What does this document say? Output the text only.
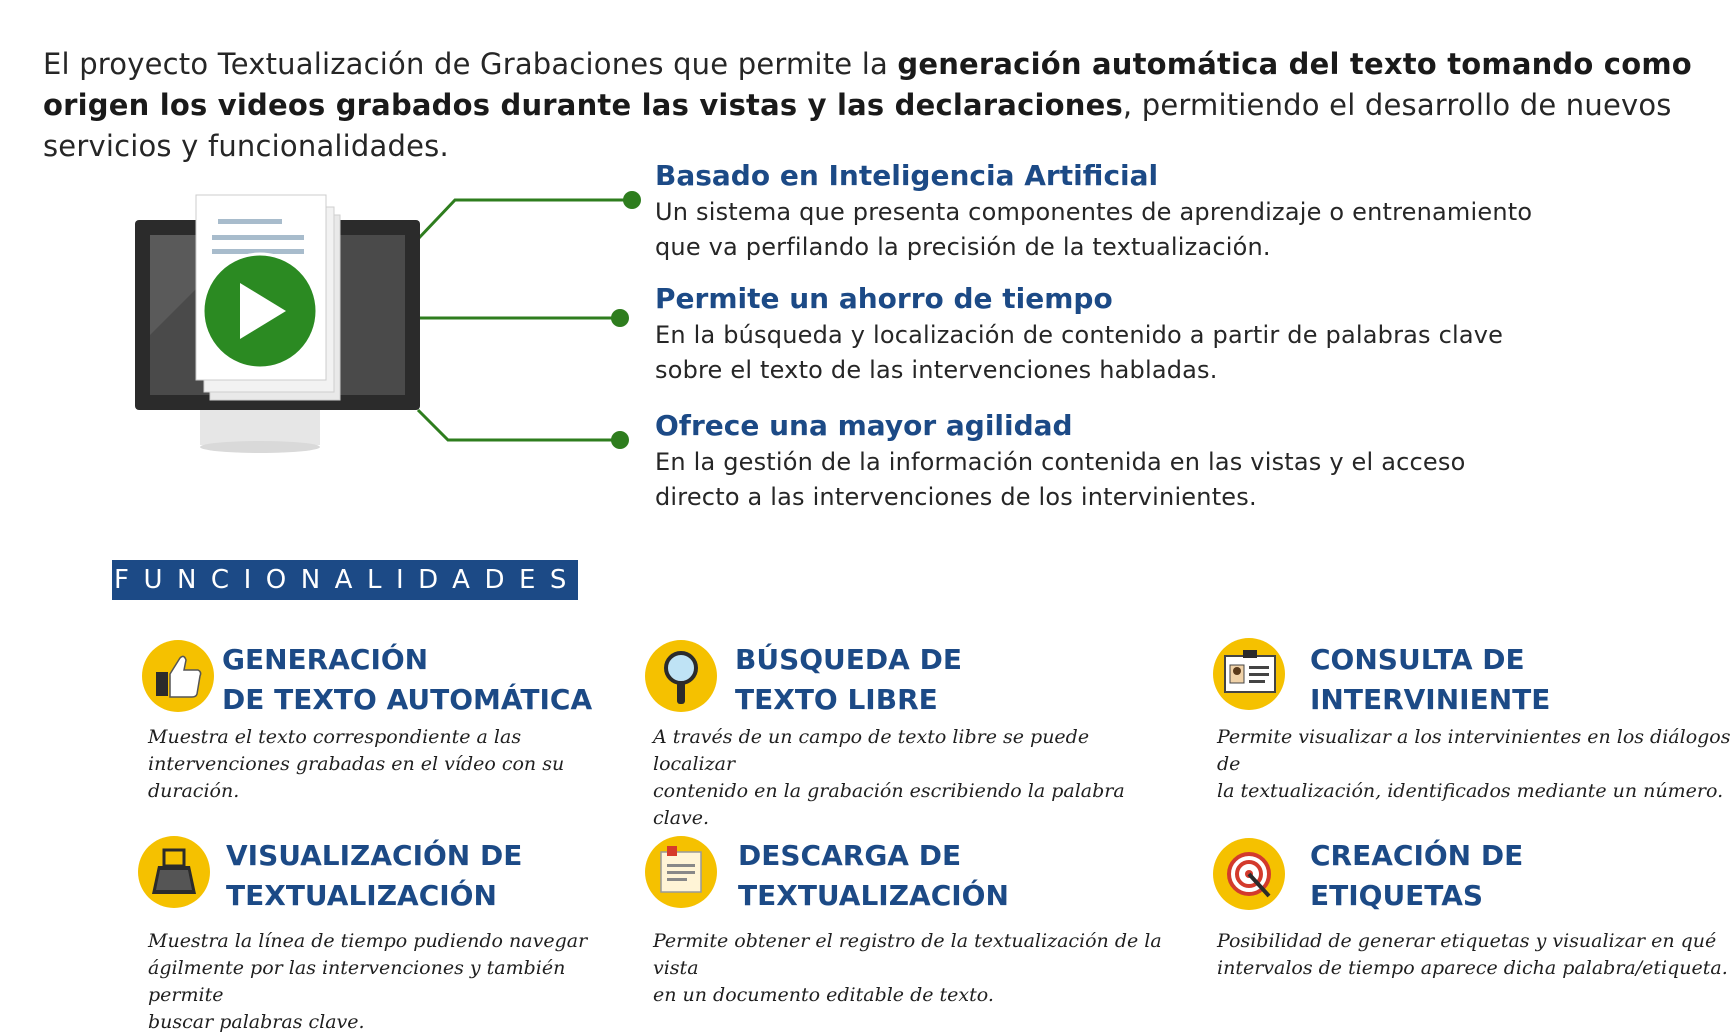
El proyecto Textualización de Grabaciones que permite la generación automática del texto tomando como origen los videos grabados durante las vistas y las declaraciones, permitiendo el desarrollo de nuevos servicios y funcionalidades.
Basado en Inteligencia Artificial
Un sistema que presenta componentes de aprendizaje o entrenamiento
que va perfilando la precisión de la textualización.
Permite un ahorro de tiempo
En la búsqueda y localización de contenido a partir de palabras clave
sobre el texto de las intervenciones habladas.
Ofrece una mayor agilidad
En la gestión de la información contenida en las vistas y el acceso
directo a las intervenciones de los intervinientes.
FUNCIONALIDADES:
GENERACIÓN
DE TEXTO AUTOMÁTICA
Muestra el texto correspondiente a las
intervenciones grabadas en el vídeo con su duración.
BÚSQUEDA DE
TEXTO LIBRE
A través de un campo de texto libre se puede localizar
contenido en la grabación escribiendo la palabra clave.
CONSULTA DE
INTERVINIENTE
Permite visualizar a los intervinientes en los diálogos de
la textualización, identificados mediante un número.
VISUALIZACIÓN DE
TEXTUALIZACIÓN
Muestra la línea de tiempo pudiendo navegar
ágilmente por las intervenciones y también permite
buscar palabras clave.
DESCARGA DE
TEXTUALIZACIÓN
Permite obtener el registro de la textualización de la vista
en un documento editable de texto.
CREACIÓN DE
ETIQUETAS
Posibilidad de generar etiquetas y visualizar en qué
intervalos de tiempo aparece dicha palabra/etiqueta.
